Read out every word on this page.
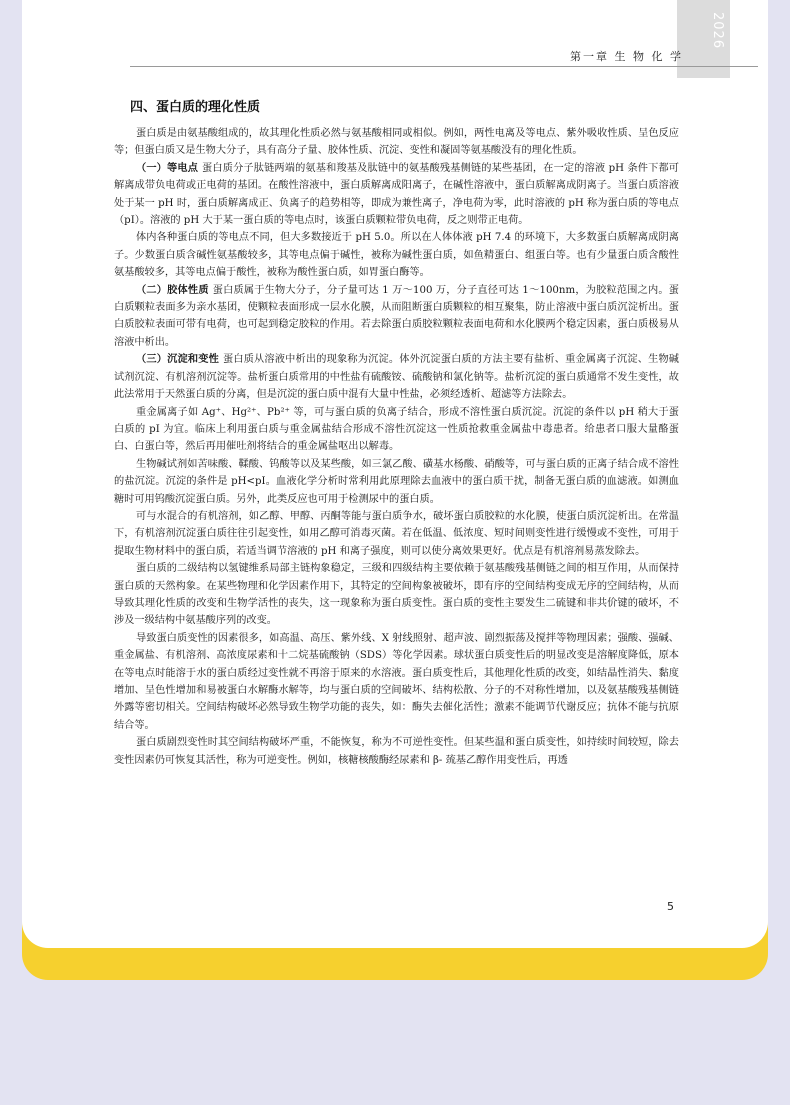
2026
第一章 生 物 化 学
四、蛋白质的理化性质

蛋白质是由氨基酸组成的，故其理化性质必然与氨基酸相同或相似。例如，两性电离及等电点、紫外吸收性质、呈色反应等；但蛋白质又是生物大分子，具有高分子量、胶体性质、沉淀、变性和凝固等氨基酸没有的理化性质。

（一）等电点 蛋白质分子肽链两端的氨基和羧基及肽链中的氨基酸残基侧链的某些基团，在一定的溶液 pH 条件下都可解离成带负电荷或正电荷的基团。在酸性溶液中，蛋白质解离成阳离子，在碱性溶液中，蛋白质解离成阴离子。当蛋白质溶液处于某一 pH 时，蛋白质解离成正、负离子的趋势相等，即成为兼性离子，净电荷为零，此时溶液的 pH 称为蛋白质的等电点（pI）。溶液的 pH 大于某一蛋白质的等电点时，该蛋白质颗粒带负电荷，反之则带正电荷。

体内各种蛋白质的等电点不同，但大多数接近于 pH 5.0。所以在人体体液 pH 7.4 的环境下，大多数蛋白质解离成阴离子。少数蛋白质含碱性氨基酸较多，其等电点偏于碱性，被称为碱性蛋白质，如鱼精蛋白、组蛋白等。也有少量蛋白质含酸性氨基酸较多，其等电点偏于酸性，被称为酸性蛋白质，如胃蛋白酶等。

（二）胶体性质 蛋白质属于生物大分子，分子量可达 1 万～100 万，分子直径可达 1～100nm，为胶粒范围之内。蛋白质颗粒表面多为亲水基团，使颗粒表面形成一层水化膜，从而阻断蛋白质颗粒的相互聚集，防止溶液中蛋白质沉淀析出。蛋白质胶粒表面可带有电荷，也可起到稳定胶粒的作用。若去除蛋白质胶粒颗粒表面电荷和水化膜两个稳定因素，蛋白质极易从溶液中析出。

（三）沉淀和变性 蛋白质从溶液中析出的现象称为沉淀。体外沉淀蛋白质的方法主要有盐析、重金属离子沉淀、生物碱试剂沉淀、有机溶剂沉淀等。盐析蛋白质常用的中性盐有硫酸铵、硫酸钠和氯化钠等。盐析沉淀的蛋白质通常不发生变性，故此法常用于天然蛋白质的分离，但是沉淀的蛋白质中混有大量中性盐，必须经透析、超滤等方法除去。

重金属离子如 Ag⁺、Hg²⁺、Pb²⁺ 等，可与蛋白质的负离子结合，形成不溶性蛋白质沉淀。沉淀的条件以 pH 稍大于蛋白质的 pI 为宜。临床上利用蛋白质与重金属盐结合形成不溶性沉淀这一性质抢救重金属盐中毒患者。给患者口服大量酪蛋白、白蛋白等，然后再用催吐剂将结合的重金属盐呕出以解毒。

生物碱试剂如苦味酸、鞣酸、钨酸等以及某些酸，如三氯乙酸、磺基水杨酸、硝酸等，可与蛋白质的正离子结合成不溶性的盐沉淀。沉淀的条件是 pH<pI。血液化学分析时常利用此原理除去血液中的蛋白质干扰，制备无蛋白质的血滤液。如测血糖时可用钨酸沉淀蛋白质。另外，此类反应也可用于检测尿中的蛋白质。

可与水混合的有机溶剂，如乙醇、甲醇、丙酮等能与蛋白质争水，破坏蛋白质胶粒的水化膜，使蛋白质沉淀析出。在常温下，有机溶剂沉淀蛋白质往往引起变性，如用乙醇可消毒灭菌。若在低温、低浓度、短时间则变性进行缓慢或不变性，可用于提取生物材料中的蛋白质，若适当调节溶液的 pH 和离子强度，则可以使分离效果更好。优点是有机溶剂易蒸发除去。

蛋白质的二级结构以氢键维系局部主链构象稳定，三级和四级结构主要依赖于氨基酸残基侧链之间的相互作用，从而保持蛋白质的天然构象。在某些物理和化学因素作用下，其特定的空间构象被破坏，即有序的空间结构变成无序的空间结构，从而导致其理化性质的改变和生物学活性的丧失，这一现象称为蛋白质变性。蛋白质的变性主要发生二硫键和非共价键的破坏，不涉及一级结构中氨基酸序列的改变。

导致蛋白质变性的因素很多，如高温、高压、紫外线、X 射线照射、超声波、剧烈振荡及搅拌等物理因素；强酸、强碱、重金属盐、有机溶剂、高浓度尿素和十二烷基硫酸钠（SDS）等化学因素。球状蛋白质变性后的明显改变是溶解度降低，原本在等电点时能溶于水的蛋白质经过变性就不再溶于原来的水溶液。蛋白质变性后，其他理化性质的改变，如结晶性消失、黏度增加、呈色性增加和易被蛋白水解酶水解等，均与蛋白质的空间破坏、结构松散、分子的不对称性增加，以及氨基酸残基侧链外露等密切相关。空间结构破坏必然导致生物学功能的丧失，如：酶失去催化活性；激素不能调节代谢反应；抗体不能与抗原结合等。

蛋白质剧烈变性时其空间结构破坏严重，不能恢复，称为不可逆性变性。但某些温和蛋白质变性，如持续时间较短，除去变性因素仍可恢复其活性，称为可逆变性。例如，核糖核酸酶经尿素和 β- 巯基乙醇作用变性后，再透

5
